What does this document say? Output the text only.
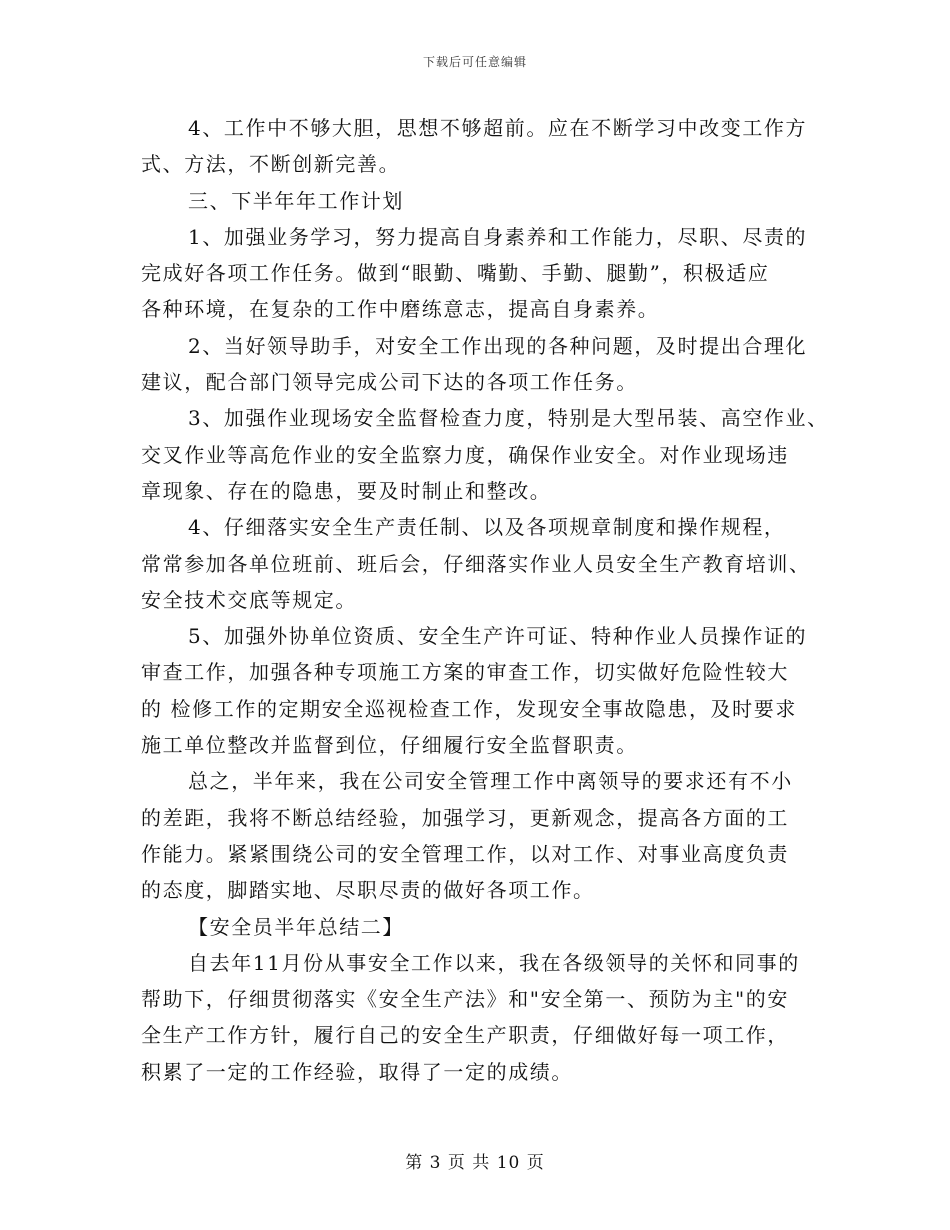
下载后可任意编辑
4、工作中不够大胆，思想不够超前。应在不断学习中改变工作方
式、方法，不断创新完善。
三、下半年年工作计划
1、加强业务学习，努力提高自身素养和工作能力，尽职、尽责的
完成好各项工作任务。做到“眼勤、嘴勤、手勤、腿勤”，积极适应
各种环境，在复杂的工作中磨练意志，提高自身素养。
2、当好领导助手，对安全工作出现的各种问题，及时提出合理化
建议，配合部门领导完成公司下达的各项工作任务。
3、加强作业现场安全监督检查力度，特别是大型吊装、高空作业、
交叉作业等高危作业的安全监察力度，确保作业安全。对作业现场违
章现象、存在的隐患，要及时制止和整改。
4、仔细落实安全生产责任制、以及各项规章制度和操作规程，
常常参加各单位班前、班后会，仔细落实作业人员安全生产教育培训、
安全技术交底等规定。
5、加强外协单位资质、安全生产许可证、特种作业人员操作证的
审查工作，加强各种专项施工方案的审查工作，切实做好危险性较大
的 检修工作的定期安全巡视检查工作，发现安全事故隐患，及时要求
施工单位整改并监督到位，仔细履行安全监督职责。
总之，半年来，我在公司安全管理工作中离领导的要求还有不小
的差距，我将不断总结经验，加强学习，更新观念，提高各方面的工
作能力。紧紧围绕公司的安全管理工作，以对工作、对事业高度负责
的态度，脚踏实地、尽职尽责的做好各项工作。
【安全员半年总结二】
自去年11月份从事安全工作以来，我在各级领导的关怀和同事的
帮助下，仔细贯彻落实《安全生产法》和"安全第一、预防为主"的安
全生产工作方针，履行自己的安全生产职责，仔细做好每一项工作，
积累了一定的工作经验，取得了一定的成绩。
第 3 页 共 10 页
